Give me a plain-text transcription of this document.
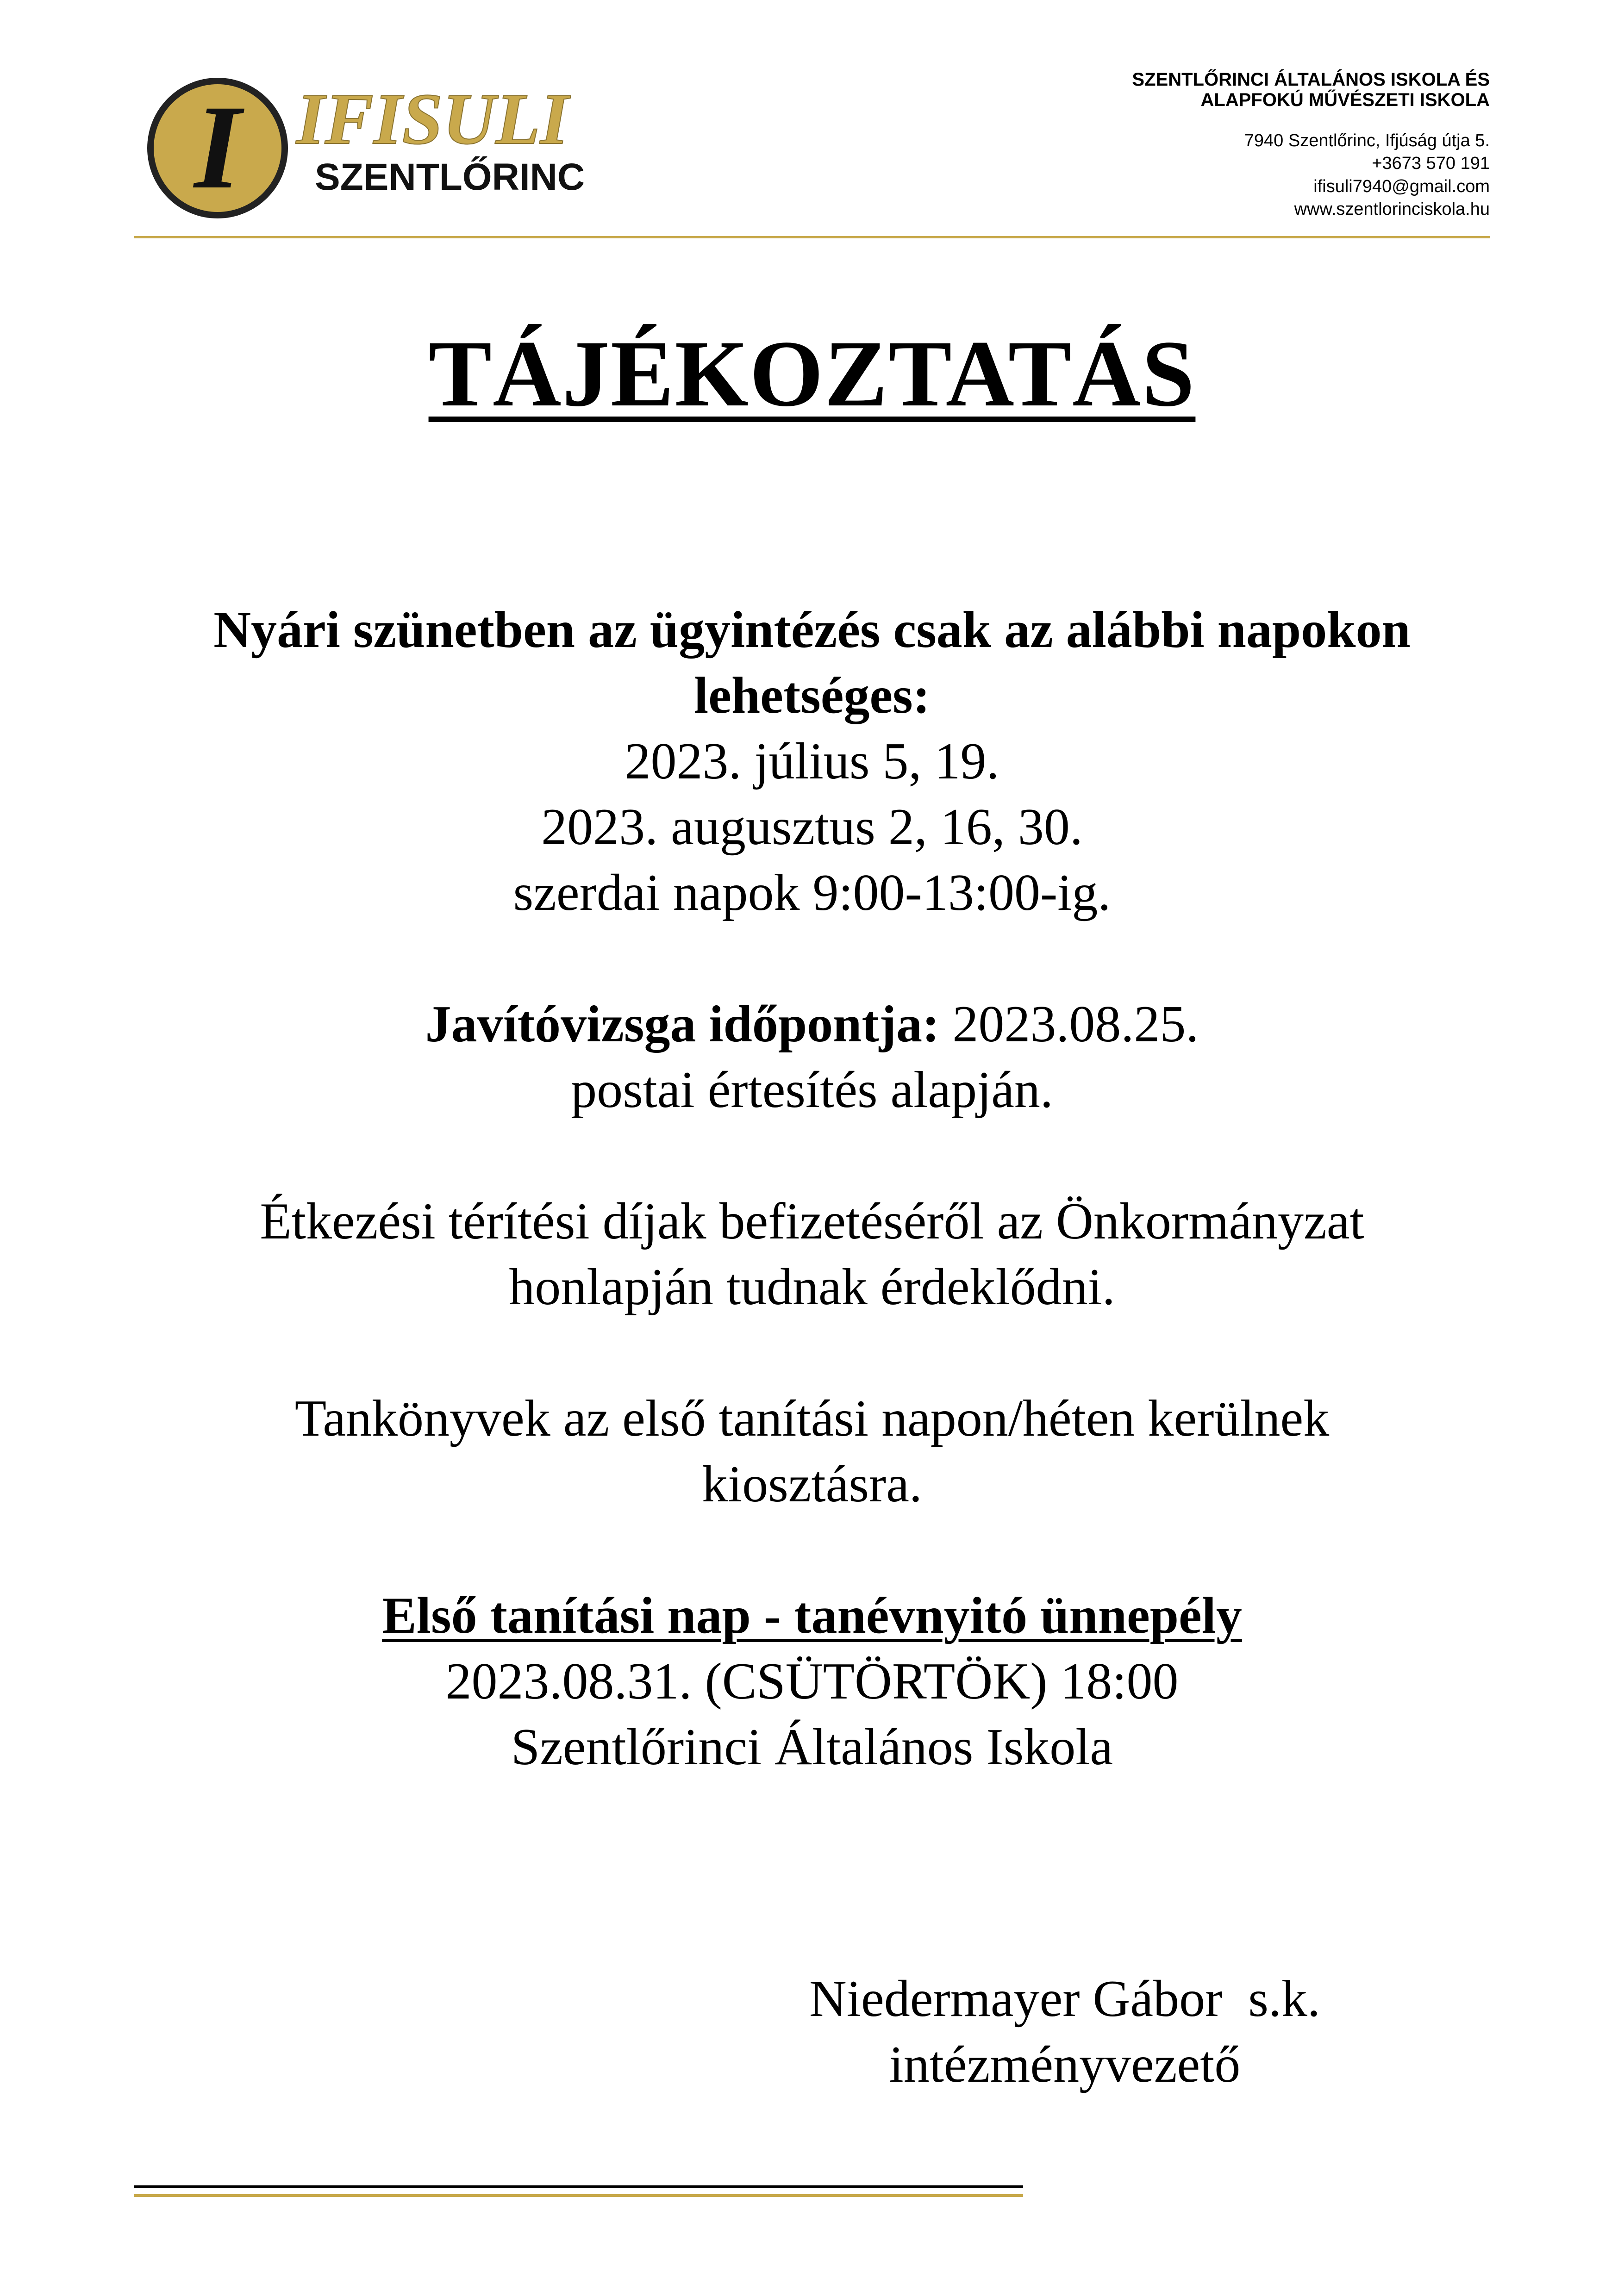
I IFISULI
SZENTLŐRINC
SZENTLŐRINCI ÁLTALÁNOS ISKOLA ÉS
ALAPFOKÚ MŰVÉSZETI ISKOLA
7940 Szentlőrinc, Ifjúság útja 5.
+3673 570 191
ifisuli7940@gmail.com
www.szentlorinciskola.hu
TÁJÉKOZTATÁS
Nyári szünetben az ügyintézés csak az alábbi napokon
lehetséges:
2023. július 5, 19.
2023. augusztus 2, 16, 30.
szerdai napok 9:00-13:00-ig.
Javítóvizsga időpontja: 2023.08.25.
postai értesítés alapján.
Étkezési térítési díjak befizetéséről az Önkormányzat
honlapján tudnak érdeklődni.
Tankönyvek az első tanítási napon/héten kerülnek
kiosztásra.
Első tanítási nap - tanévnyitó ünnepély
2023.08.31. (CSÜTÖRTÖK) 18:00
Szentlőrinci Általános Iskola
Niedermayer Gábor  s.k.
intézményvezető
